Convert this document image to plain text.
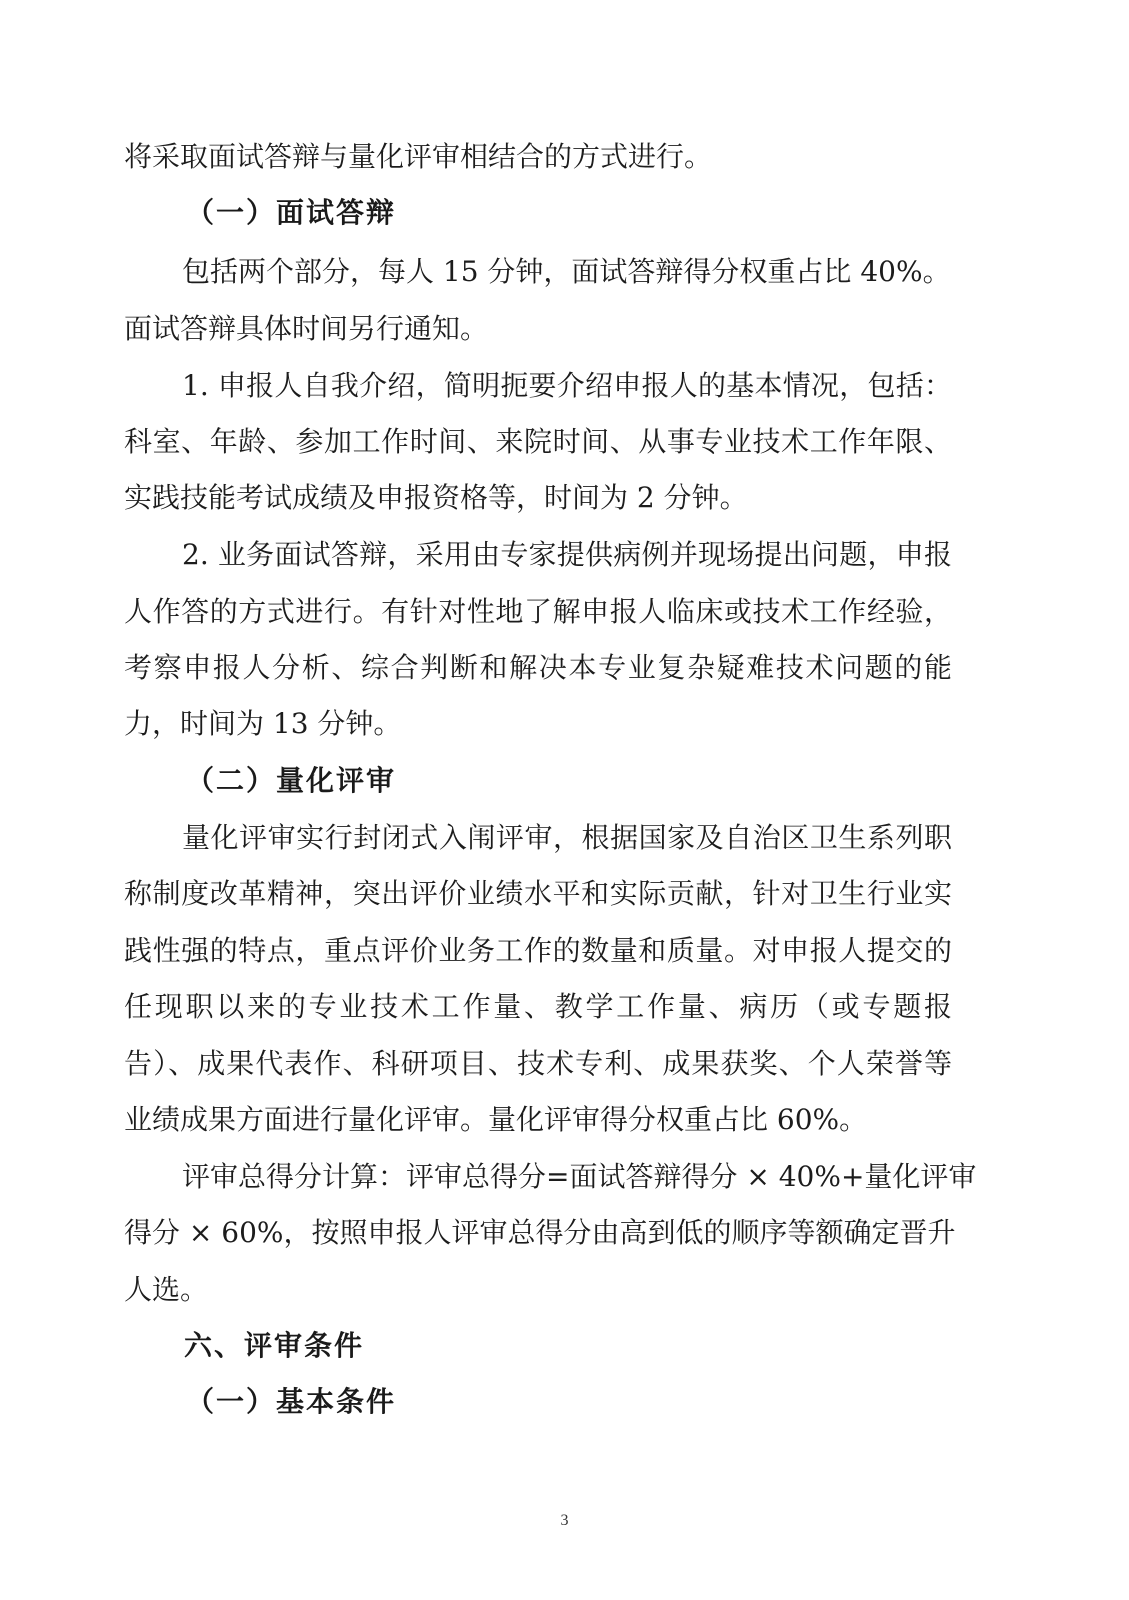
将采取面试答辩与量化评审相结合的方式进行。
（一）面试答辩
包括两个部分，每人 15 分钟，面试答辩得分权重占比 40%。
面试答辩具体时间另行通知。
1. 申报人自我介绍，简明扼要介绍申报人的基本情况，包括：
科室、年龄、参加工作时间、来院时间、从事专业技术工作年限、
实践技能考试成绩及申报资格等，时间为 2 分钟。
2. 业务面试答辩，采用由专家提供病例并现场提出问题，申报
人作答的方式进行。有针对性地了解申报人临床或技术工作经验，
考察申报人分析、综合判断和解决本专业复杂疑难技术问题的能
力，时间为 13 分钟。
（二）量化评审
量化评审实行封闭式入闱评审，根据国家及自治区卫生系列职
称制度改革精神，突出评价业绩水平和实际贡献，针对卫生行业实
践性强的特点，重点评价业务工作的数量和质量。对申报人提交的
任现职以来的专业技术工作量、教学工作量、病历（或专题报
告）、成果代表作、科研项目、技术专利、成果获奖、个人荣誉等
业绩成果方面进行量化评审。量化评审得分权重占比 60%。
评审总得分计算：评审总得分=面试答辩得分 × 40%+量化评审
得分 × 60%，按照申报人评审总得分由高到低的顺序等额确定晋升
人选。
六、评审条件
（一）基本条件
3
